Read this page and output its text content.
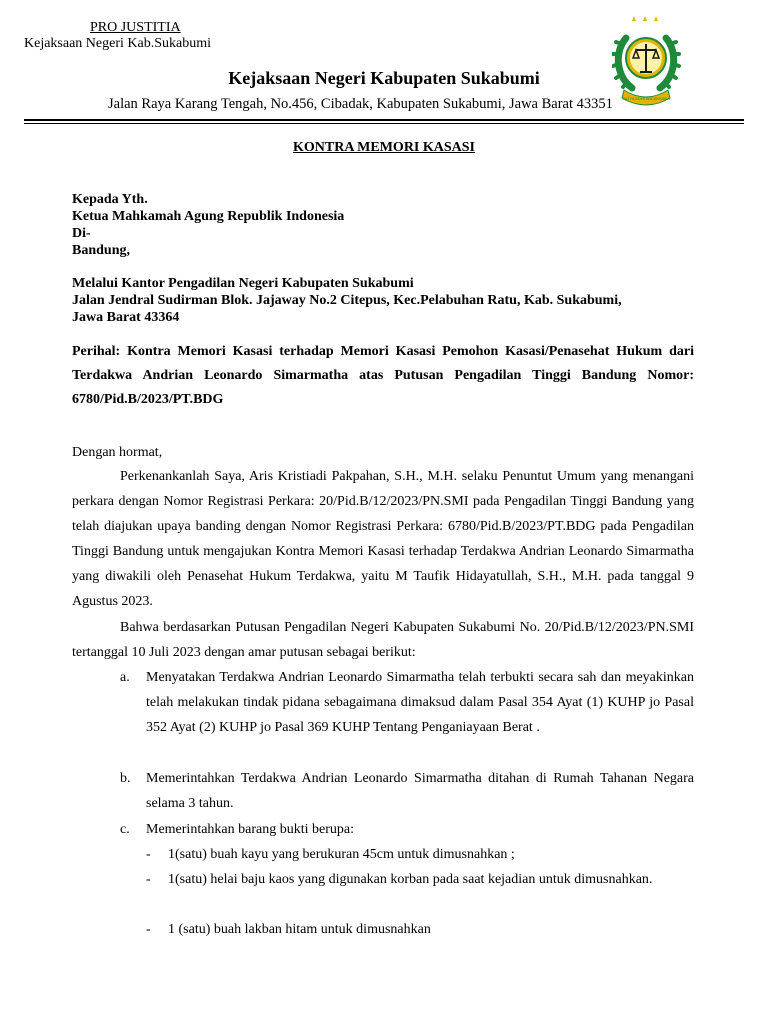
PRO JUSTITIA
Kejaksaan Negeri Kab.Sukabumi
Kejaksaan Negeri Kabupaten Sukabumi
Jalan Raya Karang Tengah, No.456, Cibadak, Kabupaten Sukabumi, Jawa Barat 43351 SATYA ADHI WICAKSANA
KONTRA MEMORI KASASI
Kepada Yth.
Ketua Mahkamah Agung Republik Indonesia
Di-
Bandung,
Melalui Kantor Pengadilan Negeri Kabupaten Sukabumi
Jalan Jendral Sudirman Blok. Jajaway No.2 Citepus, Kec.Pelabuhan Ratu, Kab. Sukabumi,
Jawa Barat 43364
Perihal: Kontra Memori Kasasi terhadap Memori Kasasi Pemohon Kasasi/Penasehat Hukum dari Terdakwa Andrian Leonardo Simarmatha atas Putusan Pengadilan Tinggi Bandung Nomor: 6780/Pid.B/2023/PT.BDG
Dengan hormat,
Perkenankanlah Saya, Aris Kristiadi Pakpahan, S.H., M.H. selaku Penuntut Umum yang menangani perkara dengan Nomor Registrasi Perkara: 20/Pid.B/12/2023/PN.SMI pada Pengadilan Tinggi Bandung yang telah diajukan upaya banding dengan Nomor Registrasi Perkara: 6780/Pid.B/2023/PT.BDG pada Pengadilan Tinggi Bandung untuk mengajukan Kontra Memori Kasasi terhadap Terdakwa Andrian Leonardo Simarmatha yang diwakili oleh Penasehat Hukum Terdakwa, yaitu M Taufik Hidayatullah, S.H., M.H. pada tanggal 9 Agustus 2023.
Bahwa berdasarkan Putusan Pengadilan Negeri Kabupaten Sukabumi No. 20/Pid.B/12/2023/PN.SMI tertanggal 10 Juli 2023 dengan amar putusan sebagai berikut:
a. Menyatakan Terdakwa Andrian Leonardo Simarmatha telah terbukti secara sah dan meyakinkan telah melakukan tindak pidana sebagaimana dimaksud dalam Pasal 354 Ayat (1) KUHP jo Pasal 352 Ayat (2) KUHP jo Pasal 369 KUHP Tentang Penganiayaan Berat .
b. Memerintahkan Terdakwa Andrian Leonardo Simarmatha ditahan di Rumah Tahanan Negara selama 3 tahun.
c. Memerintahkan barang bukti berupa:
- 1(satu) buah kayu yang berukuran 45cm untuk dimusnahkan ;
- 1(satu) helai baju kaos yang digunakan korban pada saat kejadian untuk dimusnahkan.
- 1 (satu) buah lakban hitam untuk dimusnahkan
